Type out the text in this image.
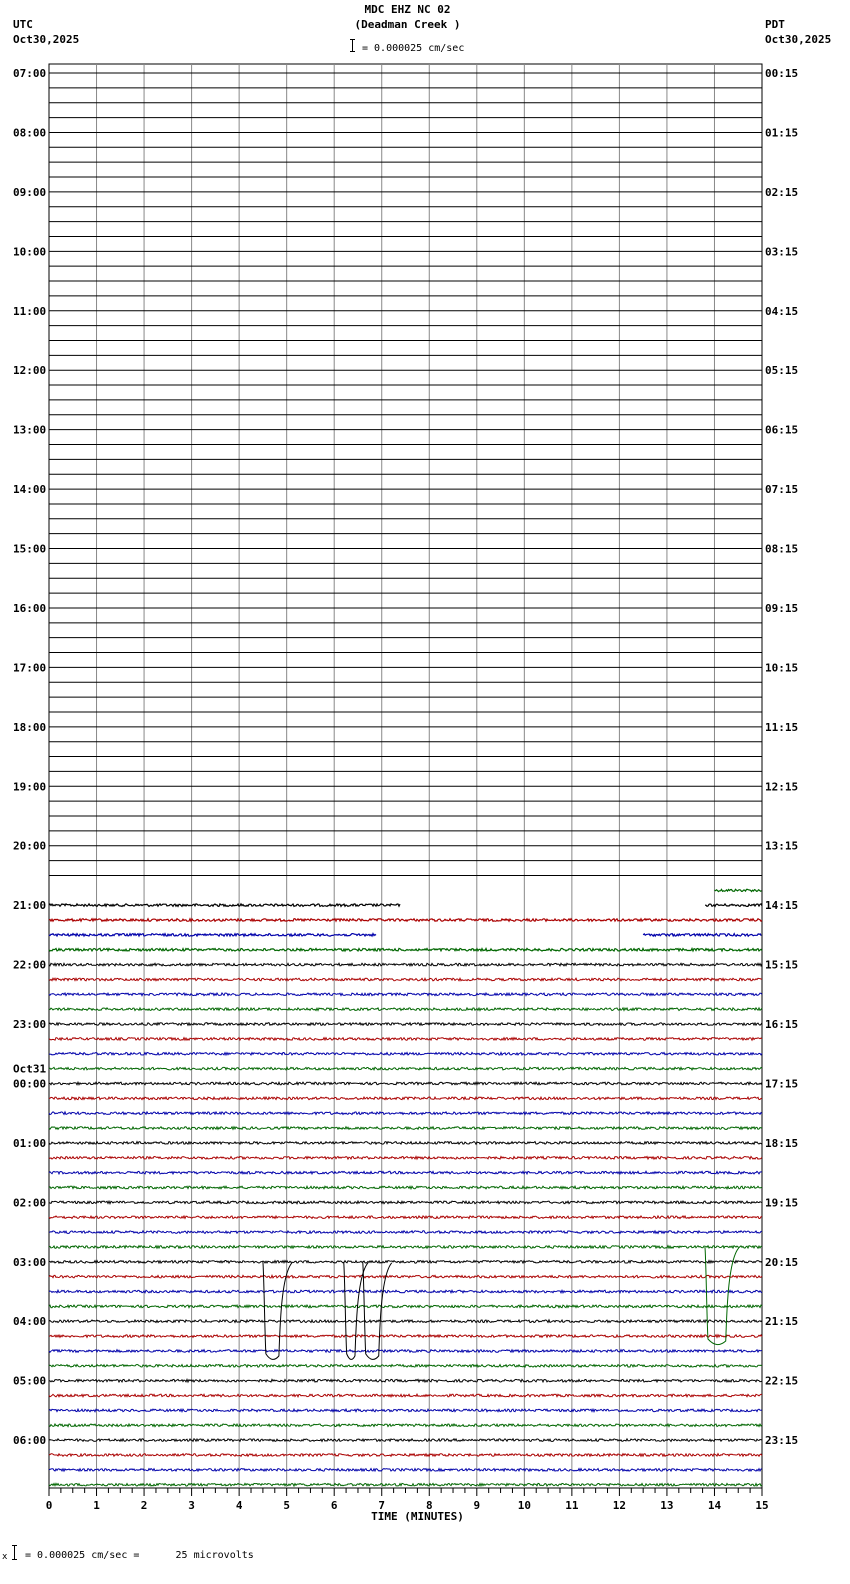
MDC EHZ NC 02
(Deadman Creek )
= 0.000025 cm/sec
UTC
Oct30,2025
PDT
Oct30,2025
07:00
08:00
09:00
10:00
11:00
12:00
13:00
14:00
15:00
16:00
17:00
18:00
19:00
20:00
21:00
22:00
23:00
00:00
Oct31
01:00
02:00
03:00
04:00
05:00
06:00
00:15
01:15
02:15
03:15
04:15
05:15
06:15
07:15
08:15
09:15
10:15
11:15
12:15
13:15
14:15
15:15
16:15
17:15
18:15
19:15
20:15
21:15
22:15
23:15
0	1	2	3	4	5	6	7	8	9	10	11	12	13	14	15
TIME (MINUTES)
x = 0.000025 cm/sec =      25 microvolts
